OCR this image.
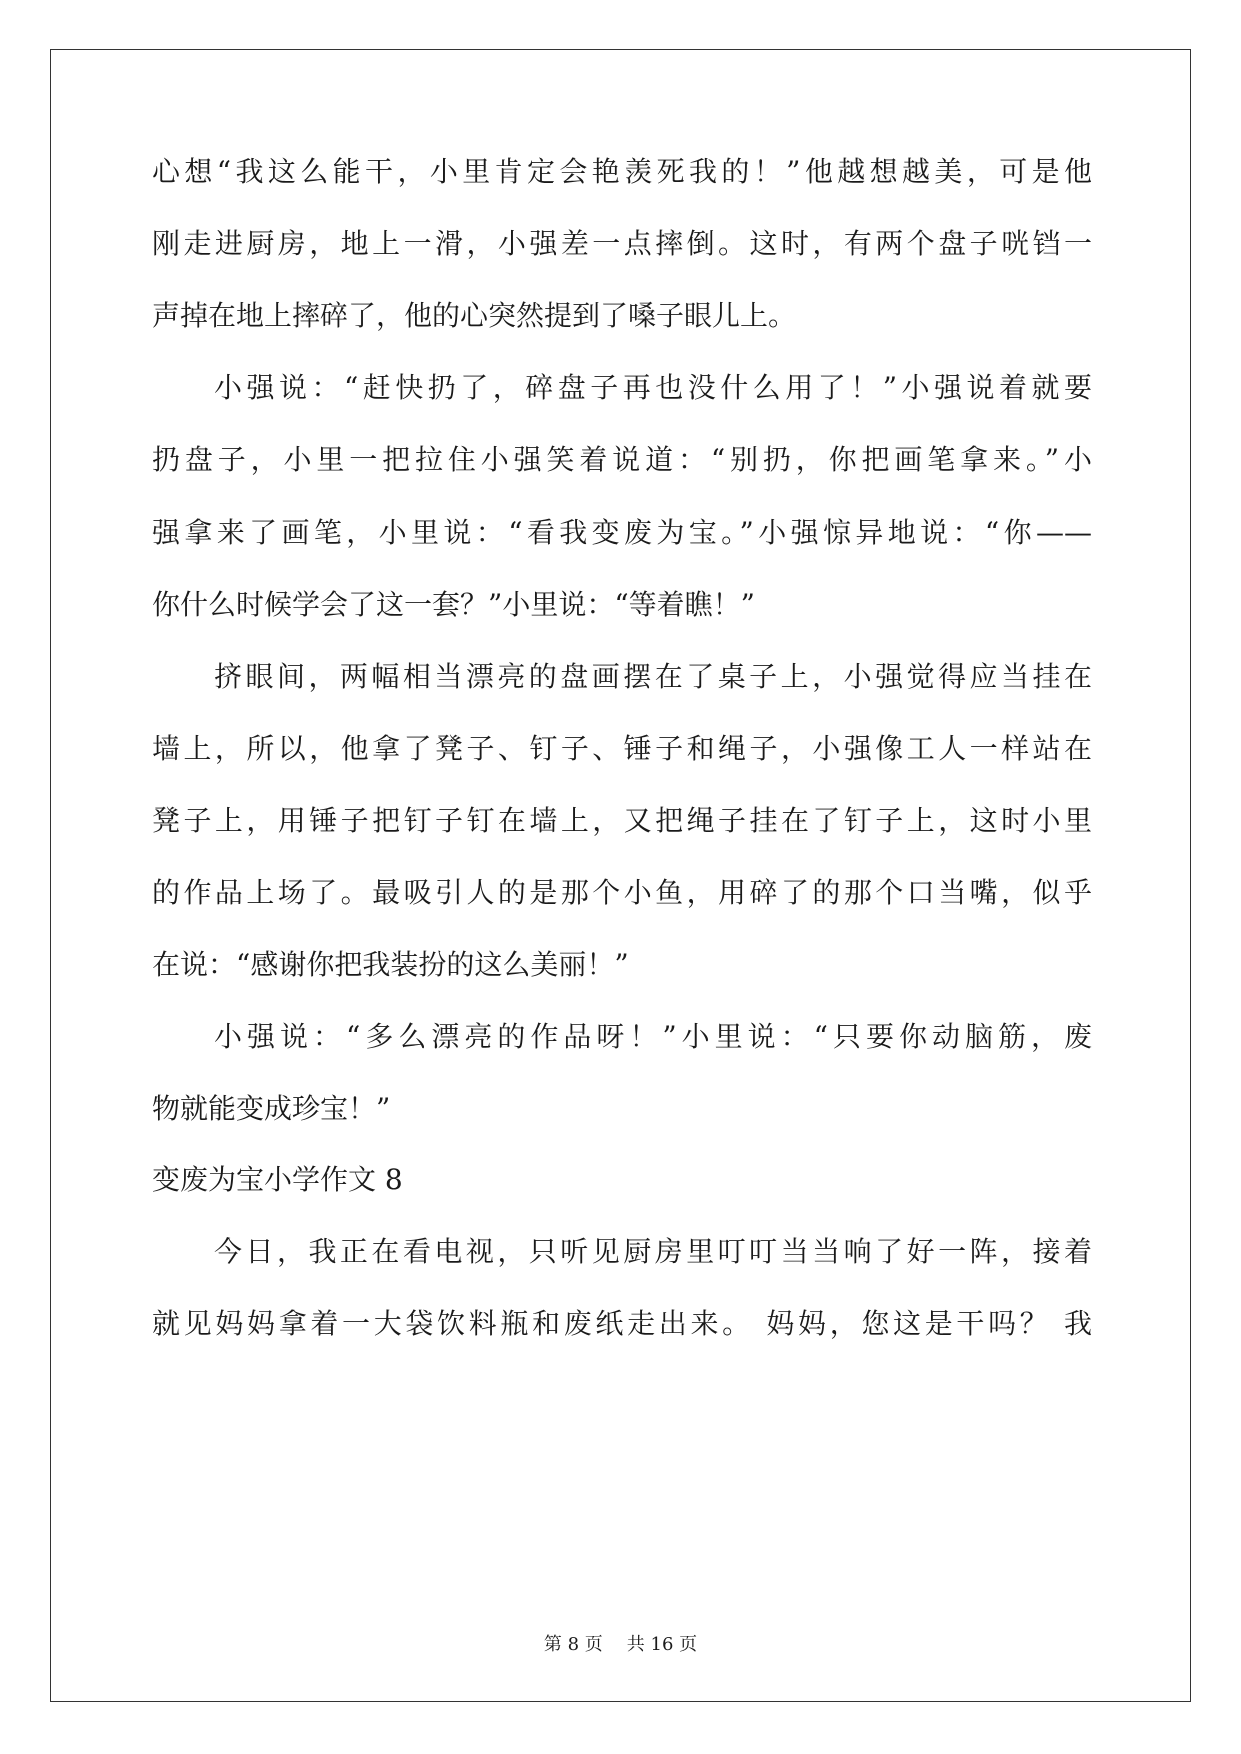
心想“我这么能干，小里肯定会艳羡死我的！”他越想越美，可是他
刚走进厨房，地上一滑，小强差一点摔倒。这时，有两个盘子咣铛一
声掉在地上摔碎了，他的心突然提到了嗓子眼儿上。
小强说：“赶快扔了，碎盘子再也没什么用了！”小强说着就要
扔盘子，小里一把拉住小强笑着说道：“别扔，你把画笔拿来。”小
强拿来了画笔，小里说：“看我变废为宝。”小强惊异地说：“你——
你什么时候学会了这一套？”小里说：“等着瞧！”
挤眼间，两幅相当漂亮的盘画摆在了桌子上，小强觉得应当挂在
墙上，所以，他拿了凳子、钉子、锤子和绳子，小强像工人一样站在
凳子上，用锤子把钉子钉在墙上，又把绳子挂在了钉子上，这时小里
的作品上场了。最吸引人的是那个小鱼，用碎了的那个口当嘴，似乎
在说：“感谢你把我装扮的这么美丽！”
小强说：“多么漂亮的作品呀！”小里说：“只要你动脑筋，废
物就能变成珍宝！”
变废为宝小学作文 8
今日，我正在看电视，只听见厨房里叮叮当当响了好一阵，接着
就见妈妈拿着一大袋饮料瓶和废纸走出来。 妈妈，您这是干吗？ 我
第 8 页 共 16 页
